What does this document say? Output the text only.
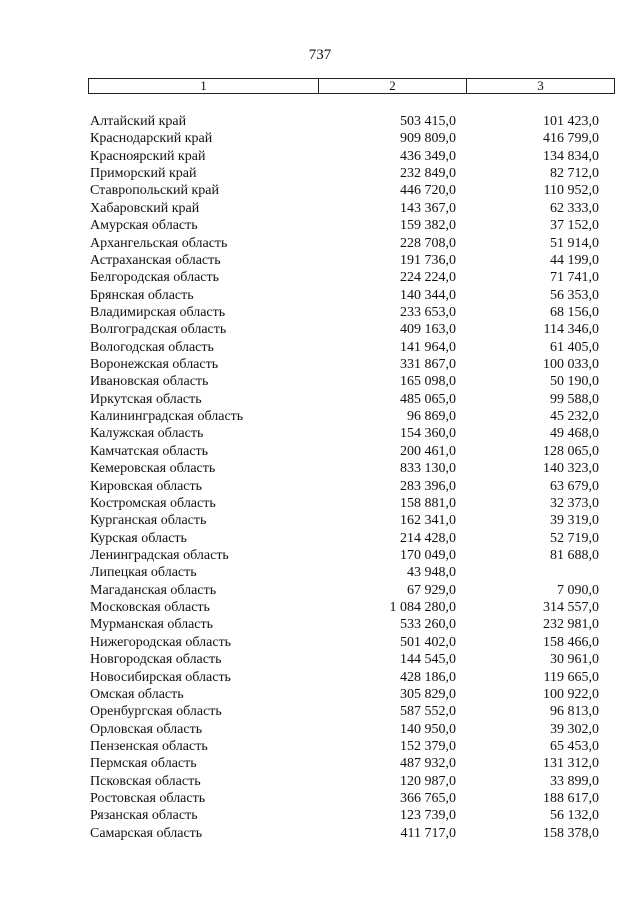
737
1	2	3
Алтайский край	503 415,0	101 423,0
Краснодарский край	909 809,0	416 799,0
Красноярский край	436 349,0	134 834,0
Приморский край	232 849,0	82 712,0
Ставропольский край	446 720,0	110 952,0
Хабаровский край	143 367,0	62 333,0
Амурская область	159 382,0	37 152,0
Архангельская область	228 708,0	51 914,0
Астраханская область	191 736,0	44 199,0
Белгородская область	224 224,0	71 741,0
Брянская область	140 344,0	56 353,0
Владимирская область	233 653,0	68 156,0
Волгоградская область	409 163,0	114 346,0
Вологодская область	141 964,0	61 405,0
Воронежская область	331 867,0	100 033,0
Ивановская область	165 098,0	50 190,0
Иркутская область	485 065,0	99 588,0
Калининградская область	96 869,0	45 232,0
Калужская область	154 360,0	49 468,0
Камчатская область	200 461,0	128 065,0
Кемеровская область	833 130,0	140 323,0
Кировская область	283 396,0	63 679,0
Костромская область	158 881,0	32 373,0
Курганская область	162 341,0	39 319,0
Курская область	214 428,0	52 719,0
Ленинградская область	170 049,0	81 688,0
Липецкая область	43 948,0
Магаданская область	67 929,0	7 090,0
Московская область	1 084 280,0	314 557,0
Мурманская область	533 260,0	232 981,0
Нижегородская область	501 402,0	158 466,0
Новгородская область	144 545,0	30 961,0
Новосибирская область	428 186,0	119 665,0
Омская область	305 829,0	100 922,0
Оренбургская область	587 552,0	96 813,0
Орловская область	140 950,0	39 302,0
Пензенская область	152 379,0	65 453,0
Пермская область	487 932,0	131 312,0
Псковская область	120 987,0	33 899,0
Ростовская область	366 765,0	188 617,0
Рязанская область	123 739,0	56 132,0
Самарская область	411 717,0	158 378,0
